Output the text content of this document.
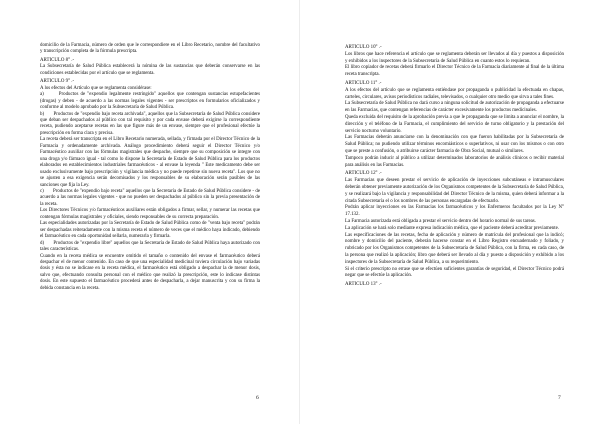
domicilio de la Farmacia, número de orden que le correspondiere en el Libro Recetario, nombre del facultativo y transcripción completa de la fórmula prescripta.

ARTICULO 8° .-

La Subsecretaría de Salud Pública establecerá la nómina de las sustancias que deberán conservarse en las condiciones establecidas por el artículo que se reglamenta.

ARTICULO 9° .-

A los efectos del Artículo que se reglamenta considérase:

a)       Productos de "expendio legalmente restringido" aquellos que contengan sustancias estupefacientes (drogas) y deben - de acuerdo a las normas legales vigentes - ser prescriptos en formularios oficializados y conforme al modelo aprobado por la Subsecretaría de Salud Pública.

b)       Productos de "expendio bajo receta archivada", aquellos que la Subsecretaría de Salud Pública considere que deban ser despachados al público con tal requisito y por cada envase deberá exigirse la correspondiente receta, pudiendo aceptarse recetas en las que figure más de un envase, siempre que el profesional efectúe la prescripción en forma clara y precisa.

La receta deberá ser transcripta en el Libro Recetario numerada, sellada, y firmada por el Director Técnico de la Farmacia y ordenadamente archivada. Análogo procedimiento deberá seguir el Director Técnico y/o Farmacéutico auxiliar con las fórmulas magistrales que despache, siempre que su composición se integre con una droga y/o fármaco igual - tal como lo dispone la Secretaría de Estado de Salud Pública para los productos elaborados en establecimientos industriales farmacéuticos - al envase la leyenda " Este medicamento debe ser usado exclusivamente bajo prescripción y vigilancia médica y no puede repetirse sin nueva receta". Los que no se ajusten a esa exigencia serán decomisados y los responsables de su elaboración serán pasibles de las sanciones que fija la Ley.

c)       Productos de "expendio bajo receta" aquellos que la Secretaría de Estado de Salud Pública considere - de acuerdo a las normas legales vigentes - que no pueden ser despachados al público sin la previa presentación de la receta.

Los Directores Técnicos y/o farmacéuticos auxiliares están obligados a firmar, sellar, y numerar las recetas que contengan fórmulas magistrales y oficiales, siendo responsables de su correcta preparación.

Las especialidades autorizadas por la Secretaría de Estado de Salud Pública como de "venta bajo receta" podrán ser despachadas reiteradamente con la misma receta el número de veces que el médico haya indicado, debiendo el farmacéutico en cada oportunidad sellarla, numerarla y firmarla.

d)       Productos de "expendio libre" aquellos que la Secretaría de Estado de Salud Pública haya autorizado con tales características.

Cuando en la receta médica se encuentre omitido el tamaño o contenido del envase el farmacéutico deberá despachar el de menor contenido. En caso de que una especialidad medicinal tuviera circulación bajo variadas dosis y ésta no se indicase en la receta médica, el farmacéutico está obligado a despachar la de menor dosis, salvo que, efectuando consulta personal con el médico que realizó la prescripción, este lo indicase distintas dosis. En este supuesto el farmacéutico procederá antes de despacharla, a dejar manuscrita y con su firma la debida constancia en la receta.

6

ARTICULO 10° .-

Los libros que hace referencia el artículo que se reglamenta deberán ser llevados al día y puestos a disposición y exhibidos a los inspectores de la Subsecretaría de Salud Pública en cuanto estos lo requieran.

El libro copiador de recetas deberá firmarlo el Director Técnico de la Farmacia diariamente al final de la última receta transcripta.

ARTICULO 11° .-

A los efectos del artículo que se reglamenta entiéndase por propaganda o publicidad la efectuada en chapas, carteles, circulares, avisos periodísticos radiales, televisados, o cualquier otro medio que sirva a tales fines.

La Subsecretaría de Salud Pública no dará curso a ninguna solicitud de autorización de propaganda a efectuarse en las Farmacias, que contengan referencias de carácter excesivamente los productos medicinales.

Queda excluida del requisito de la aprobación previa a que le propaganda que se limita a anunciar el nombre, la dirección y el teléfono de la Farmacia, el cumplimiento del servicio de turno obligatorio y la prestación del servicio nocturno voluntario.

Las Farmacias deberán anunciarse con la denominación con que fueron habilitadas por la Subsecretaría de Salud Pública; no pudiendo utilizar términos encomiásticos o superlativos, ni usar con los mismos o con otro que se preste a confusión, o atribuirse carácter farmacia de Obra Social, mutual o similares.

Tampoco podrán inducir al público a utilizar determinados laboratorios de análisis clínicos o recibir material para análisis en las Farmacias.

ARTICULO 12° .-

Las Farmacias que deseen prestar el servicio de aplicación de inyecciones subcutáneas e intramusculares deberán obtener previamente autorización de los Organismos competentes de la Subsecretaría de Salud Pública, y se realizará bajo la vigilancia y responsabilidad del Director Técnico de la misma, quien deberá informar a la citada Subsecretaría el o los nombres de las personas encargadas de efectuarlo.

Podrán aplicar inyecciones en las Farmacias los farmacéuticos y los Enfermeros facultados por la Ley N° 17.132.

La Farmacia autorizada está obligada a prestar el servicio dentro del horario normal de sus tareas.

La aplicación se hará solo mediante expresa indicación médica, que el paciente deberá acreditar previamente.

Las especificaciones de las recetas, fecha de aplicación y número de matrícula del profesional que la indicó; nombre y domicilio del paciente, deberán hacerse constar en el Libro Registro encuadernado y foliado, y rubricado por los Organismos competentes de la Subsecretaría de Salud Pública, con la firma, en cada caso, de la persona que realizó la aplicación; libro que deberá ser llevado al día y puesto a disposición y exhibido a los inspectores de la Subsecretaría de Salud Pública, a su requerimiento.

Si el criterio prescripto no errase que se efectúen suficientes garantías de seguridad, el Director Técnico podrá negar que se efectúe la aplicación.

ARTICULO 13° .-

7
